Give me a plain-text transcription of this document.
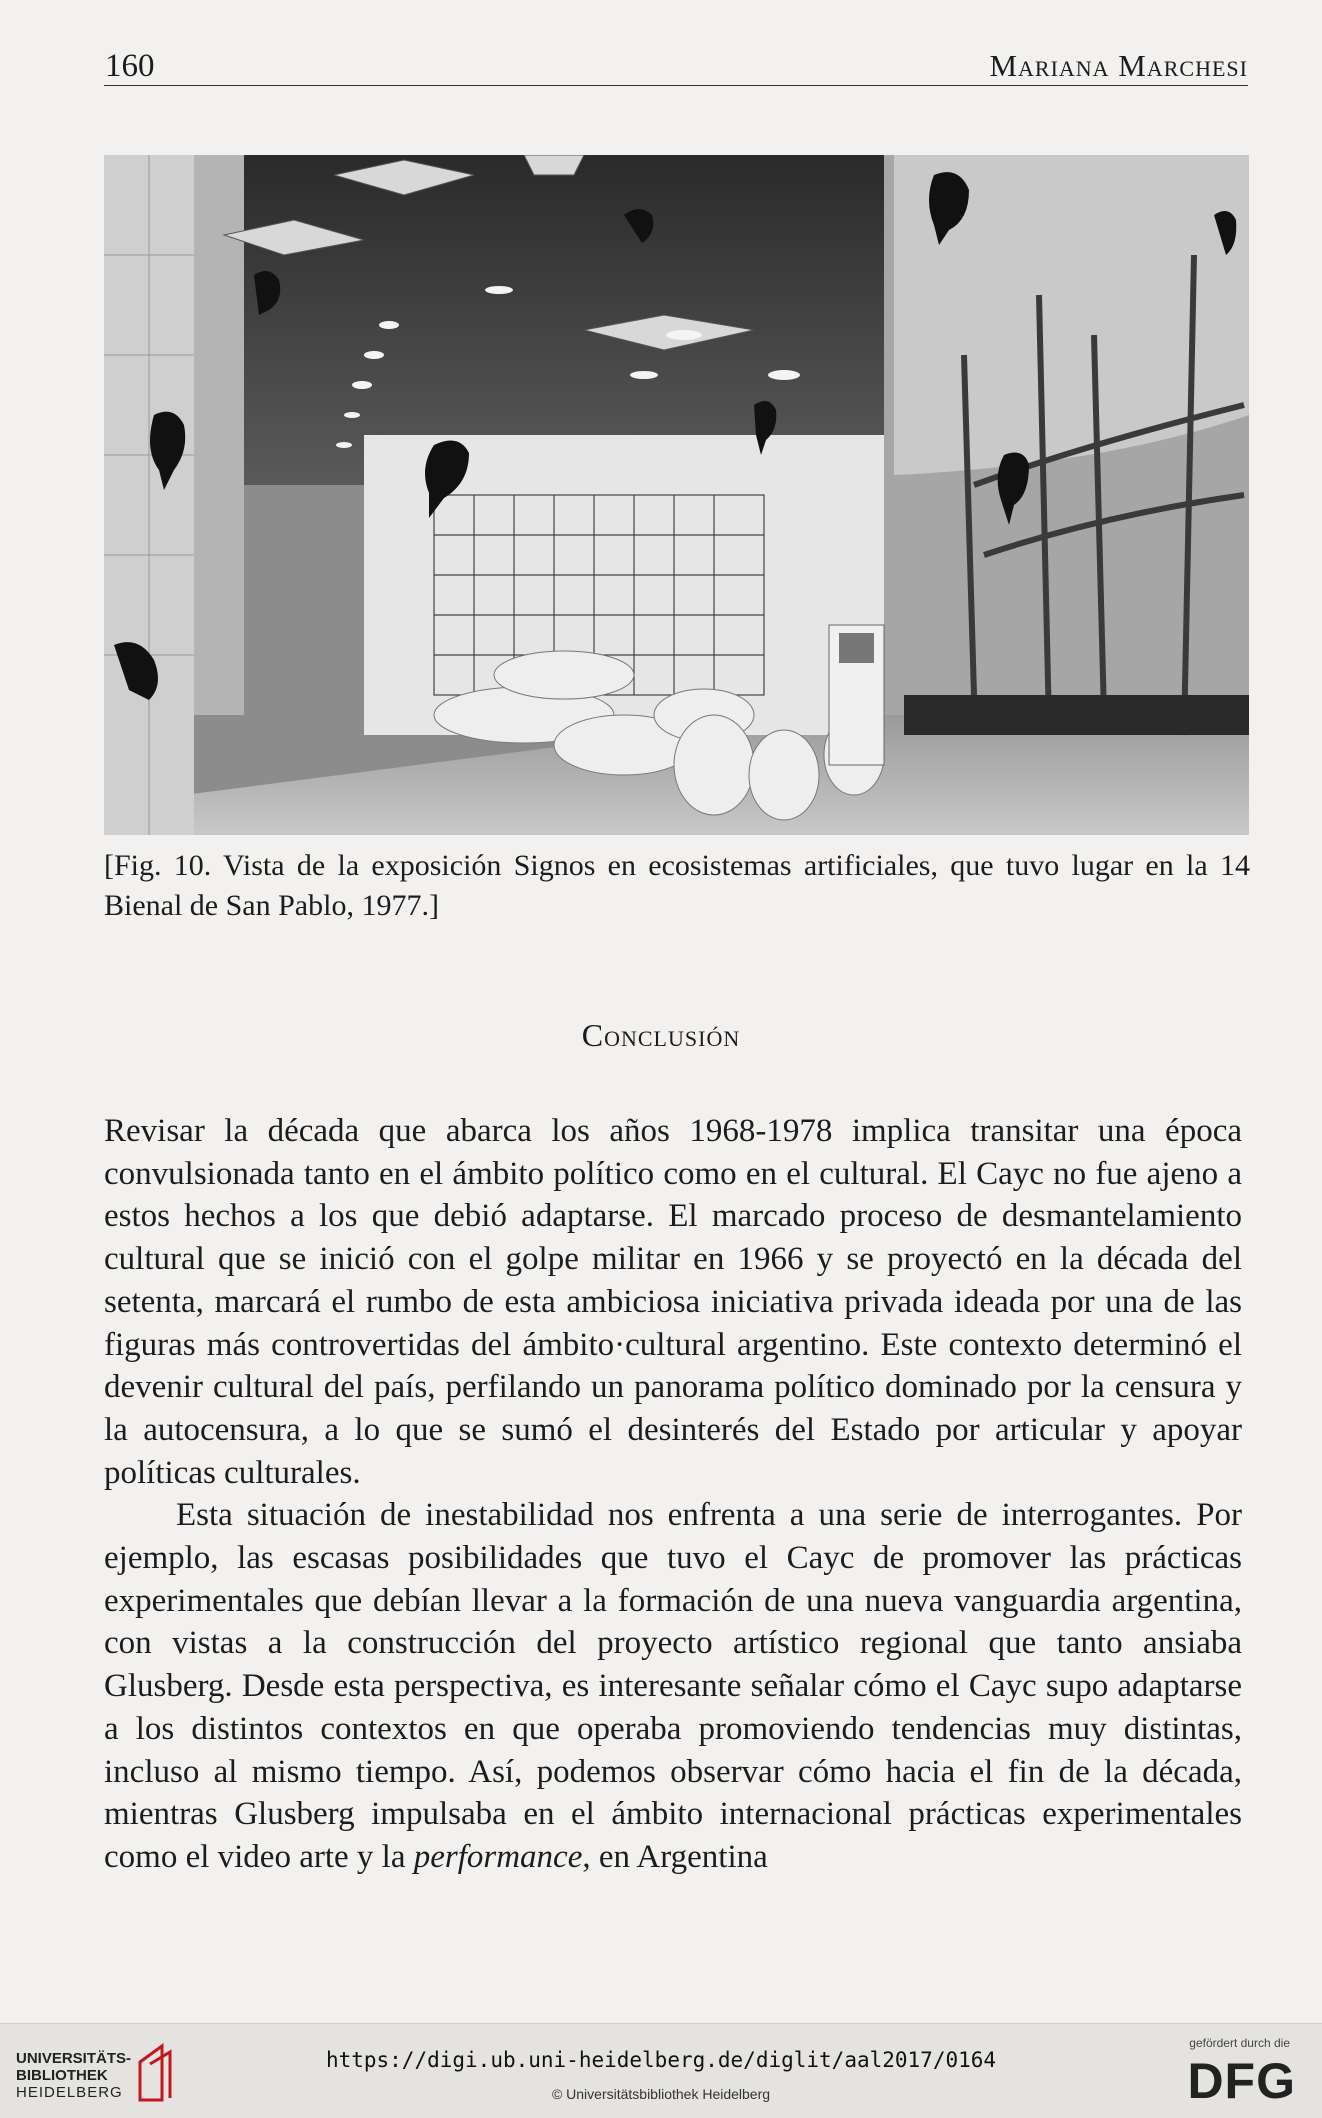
160	Mariana Marchesi
[Fig. 10. Vista de la exposición Signos en ecosistemas artificiales, que tuvo lugar en la 14 Bienal de San Pablo, 1977.]
Conclusión

Revisar la década que abarca los años 1968-1978 implica transitar una época convulsionada tanto en el ámbito político como en el cultural. El Cayc no fue ajeno a estos hechos a los que debió adaptarse. El marcado proceso de desmantelamiento cultural que se inició con el golpe militar en 1966 y se proyectó en la década del setenta, marcará el rumbo de esta ambiciosa iniciativa privada ideada por una de las figuras más controvertidas del ámbito·cultural argentino. Este contexto determinó el devenir cultural del país, perfilando un panorama político dominado por la censura y la autocensura, a lo que se sumó el desinterés del Estado por articular y apoyar políticas culturales.

Esta situación de inestabilidad nos enfrenta a una serie de interrogantes. Por ejemplo, las escasas posibilidades que tuvo el Cayc de promover las prácticas experimentales que debían llevar a la formación de una nueva vanguardia argentina, con vistas a la construcción del proyecto artístico regional que tanto ansiaba Glusberg. Desde esta perspectiva, es interesante señalar cómo el Cayc supo adaptarse a los distintos contextos en que operaba promoviendo tendencias muy distintas, incluso al mismo tiempo. Así, podemos observar cómo hacia el fin de la década, mientras Glusberg impulsaba en el ámbito internacional prácticas experimentales como el video arte y la performance, en Argentina

UNIVERSITÄTS-
BIBLIOTHEK
HEIDELBERG
https://digi.ub.uni-heidelberg.de/diglit/aal2017/0164
© Universitätsbibliothek Heidelberg
gefördert durch die
DFG
